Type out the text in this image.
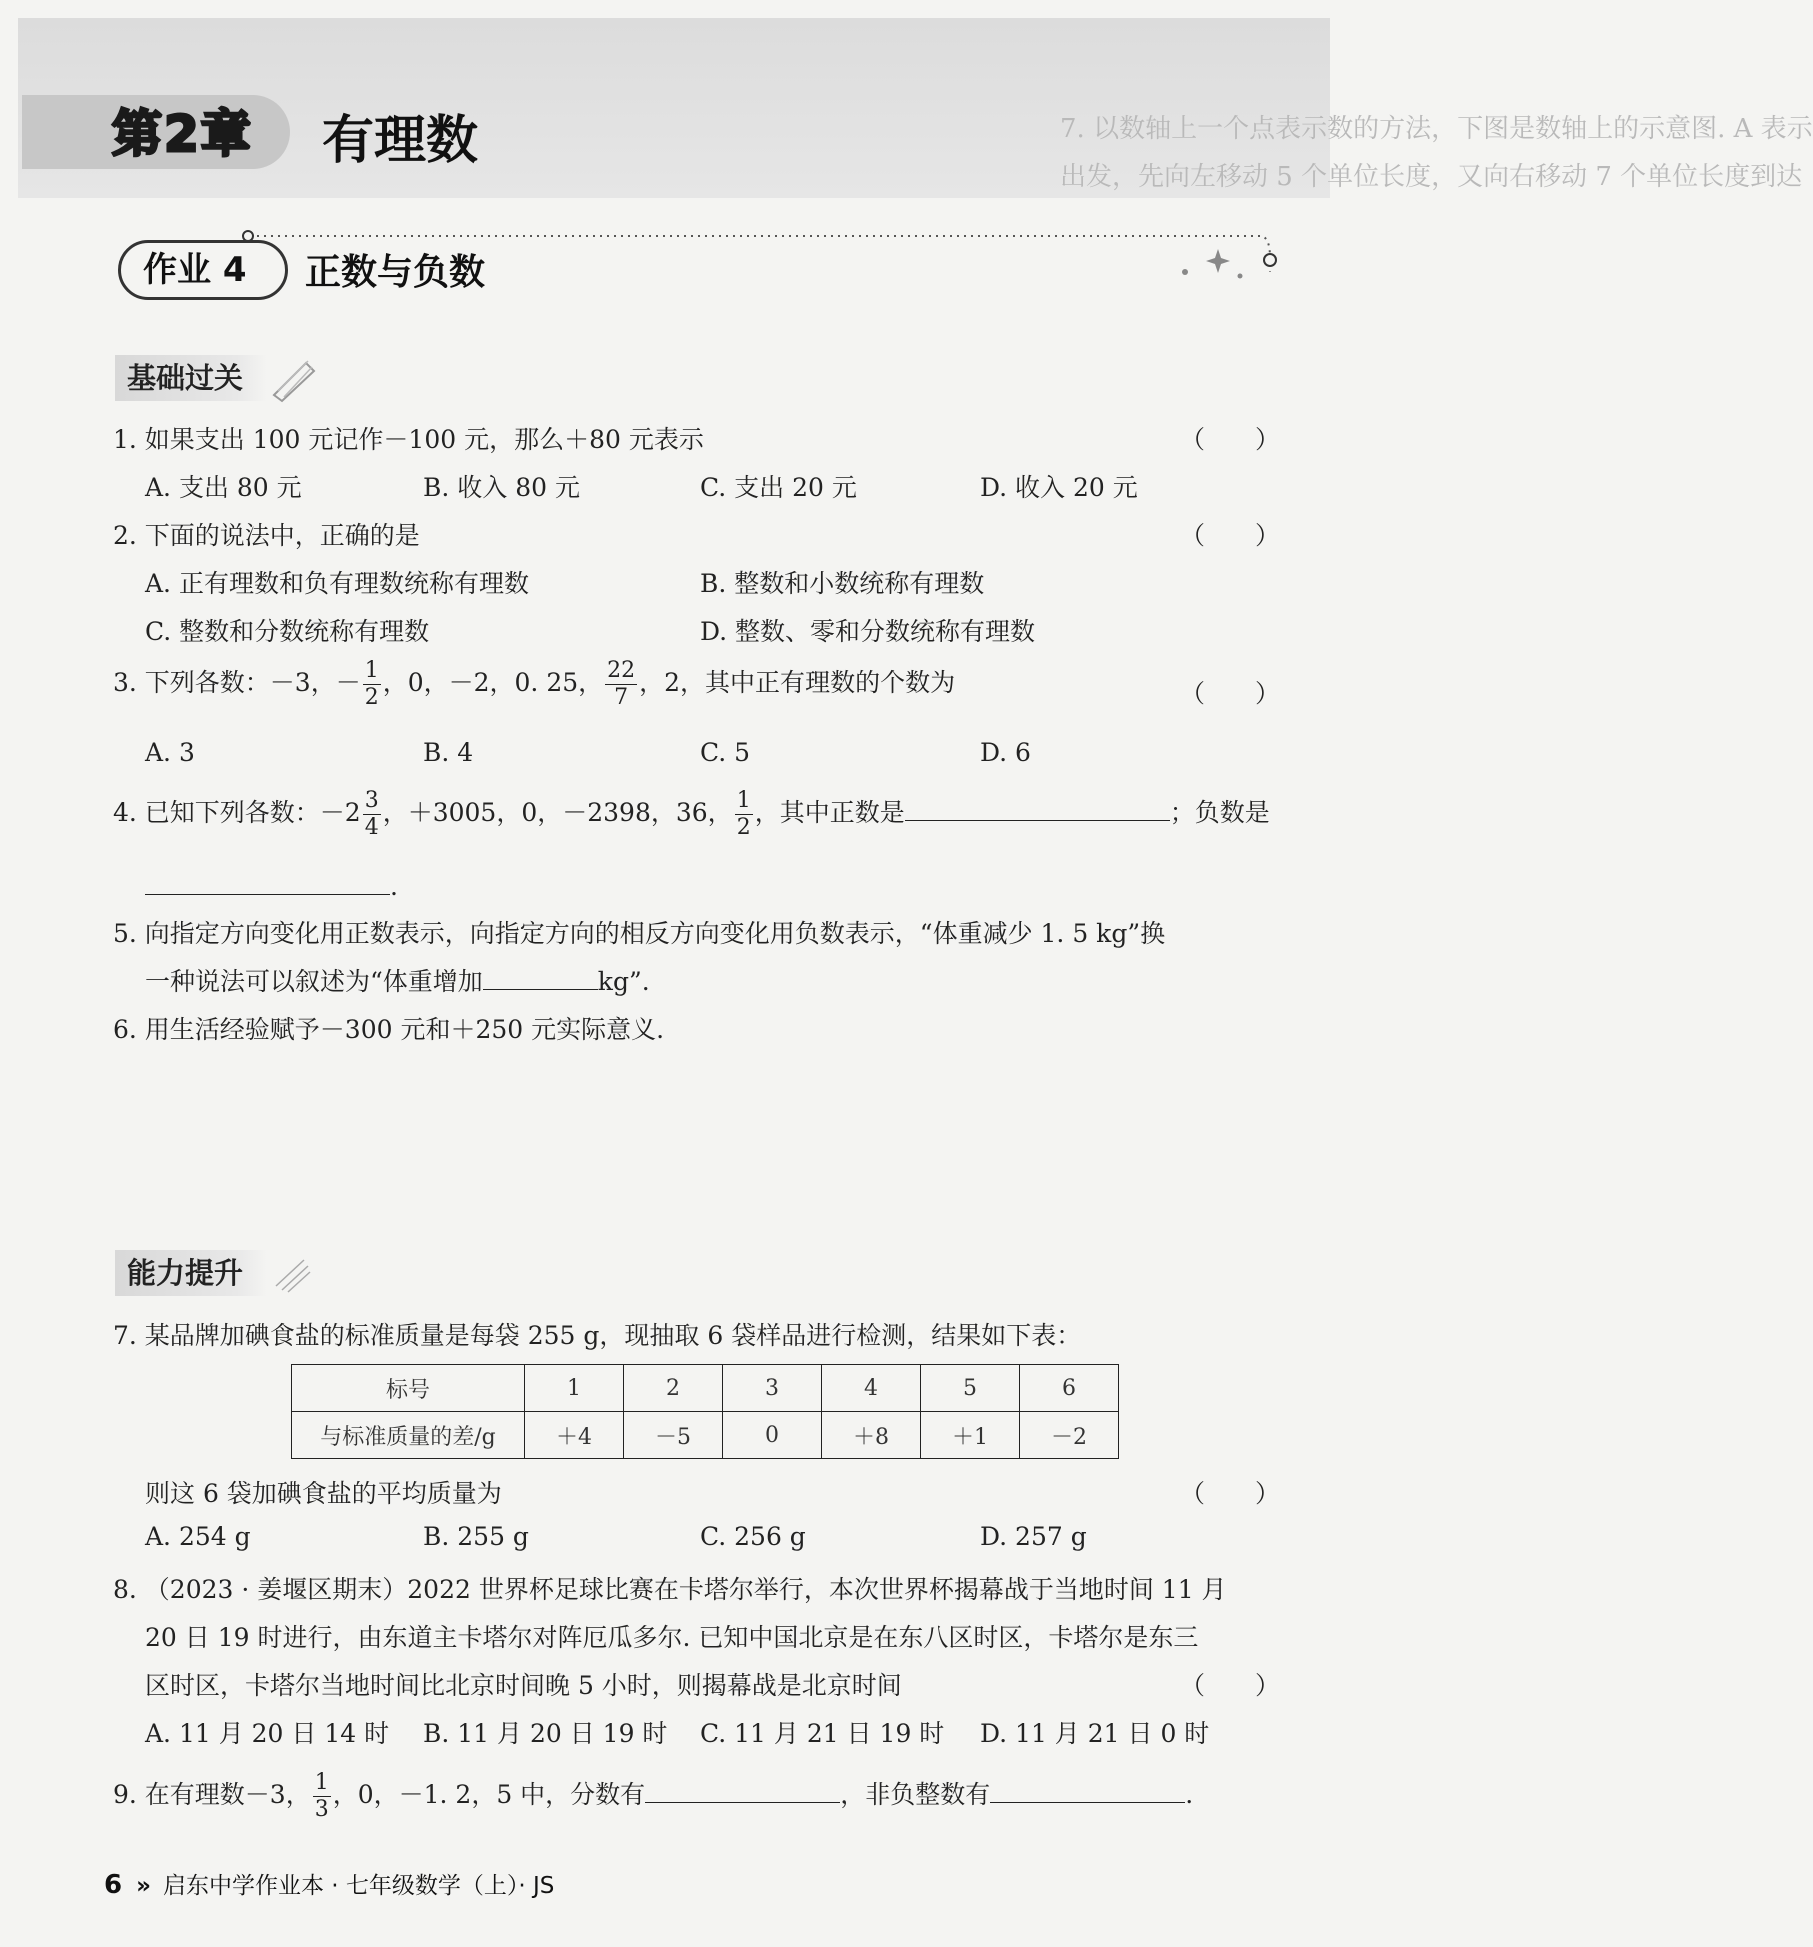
7. 以数轴上一个点表示数的方法，下图是数轴上的示意图. A 表示
出发，先向左移动 5 个单位长度，又向右移动 7 个单位长度到达
第2章 有理数
作业 4	正数与负数
基础过关
1. 如果支出 100 元记作－100 元，那么＋80 元表示	（　　）
A. 支出 80 元	B. 收入 80 元	C. 支出 20 元	D. 收入 20 元
2. 下面的说法中，正确的是	（　　）
A. 正有理数和负有理数统称有理数	B. 整数和小数统称有理数
C. 整数和分数统称有理数	D. 整数、零和分数统称有理数
3. 下列各数：－3，－ $\frac{1}{2}$ ，0，－2，0. 25， $\frac{22}{7}$ ，2，其中正有理数的个数为	（　　）
A. 3	B. 4	C. 5	D. 6
4. 已知下列各数：$-2 \frac{3}{4}$ ，＋3005，0，－2398，36， $\frac{1}{2}$ ，其中正数是	；负数是
.
5. 向指定方向变化用正数表示，向指定方向的相反方向变化用负数表示，“体重减少 1. 5 kg”换
一种说法可以叙述为“体重增加	kg”.
6. 用生活经验赋予－300 元和＋250 元实际意义.
能力提升
7. 某品牌加碘食盐的标准质量是每袋 255 g，现抽取 6 袋样品进行检测，结果如下表：
标号	1	2	3	4	5	6
与标准质量的差/g	＋4	－5	0	＋8	＋1	－2
则这 6 袋加碘食盐的平均质量为	（　　）
A. 254 g	B. 255 g	C. 256 g	D. 257 g
8. （2023 · 姜堰区期末）2022 世界杯足球比赛在卡塔尔举行，本次世界杯揭幕战于当地时间 11 月
20 日 19 时进行，由东道主卡塔尔对阵厄瓜多尔. 已知中国北京是在东八区时区，卡塔尔是东三
区时区，卡塔尔当地时间比北京时间晚 5 小时，则揭幕战是北京时间	（　　）
A. 11 月 20 日 14 时 B. 11 月 20 日 19 时 C. 11 月 21 日 19 时 D. 11 月 21 日 0 时
9. 在有理数－3， $\frac{1}{3}$ ，0，－1. 2，5 中，分数有	，非负整数有	.
6 » 启东中学作业本 · 七年级数学（上）· JS
